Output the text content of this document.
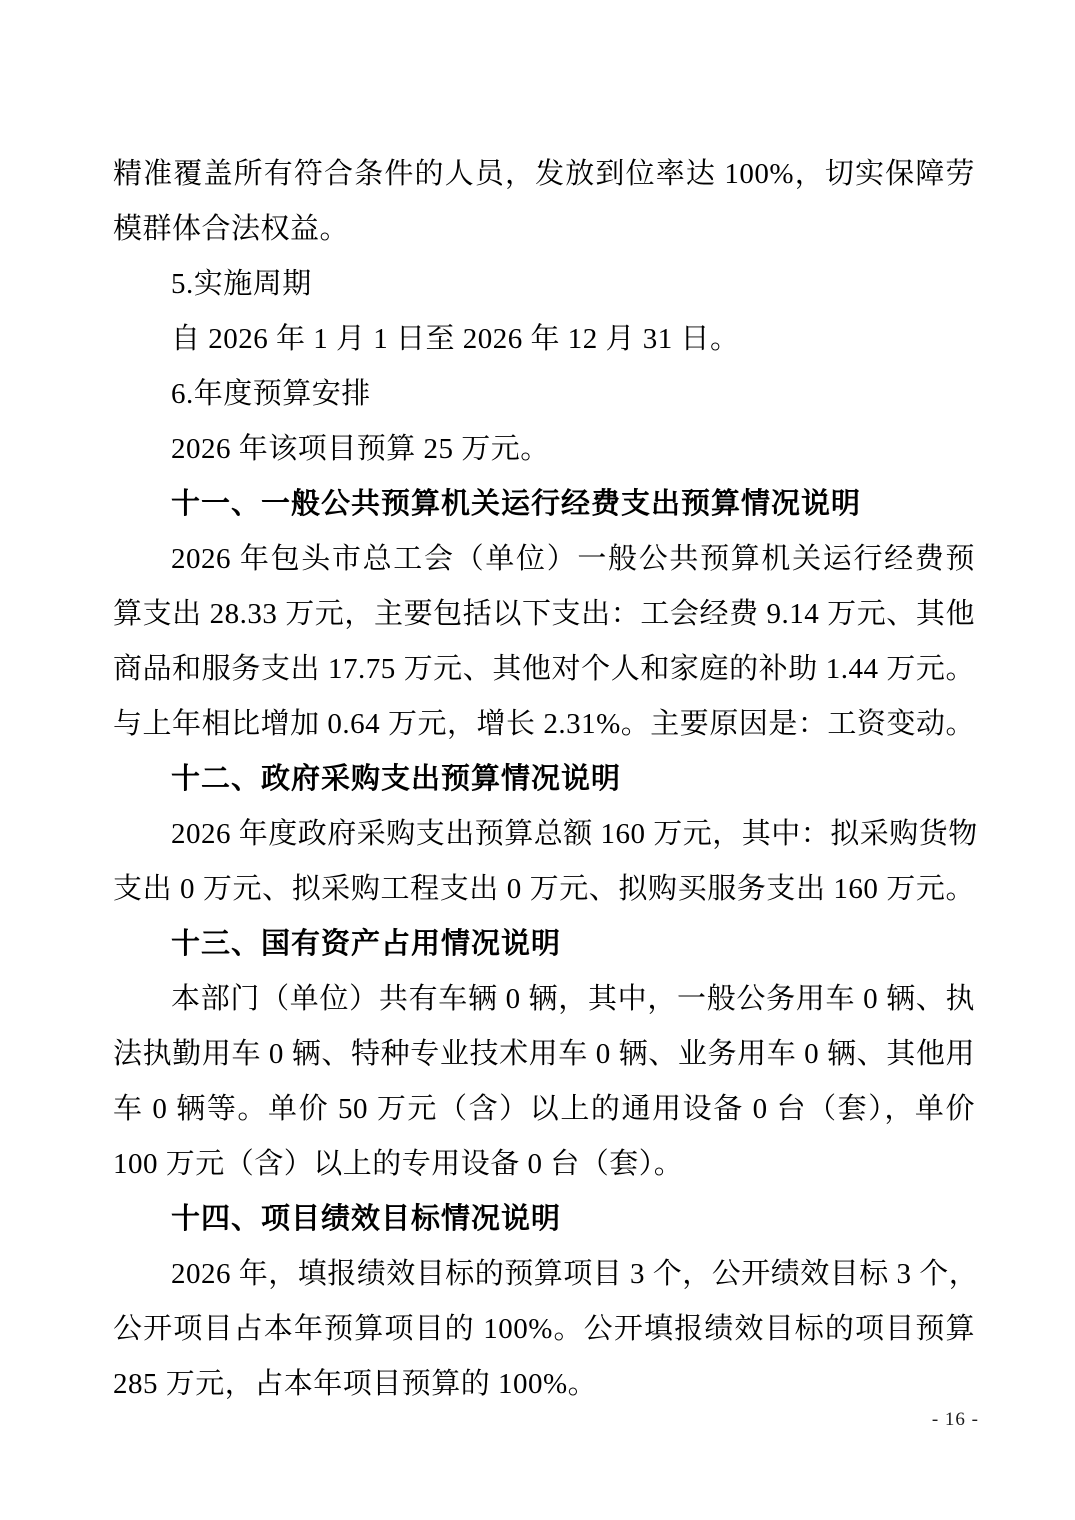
精准覆盖所有符合条件的人员，发放到位率达 100%，切实保障劳
模群体合法权益。
5.实施周期
自 2026 年 1 月 1 日至 2026 年 12 月 31 日。
6.年度预算安排
2026 年该项目预算 25 万元。
十一、一般公共预算机关运行经费支出预算情况说明
2026 年包头市总工会（单位）一般公共预算机关运行经费预
算支出 28.33 万元，主要包括以下支出：工会经费 9.14 万元、其他
商品和服务支出 17.75 万元、其他对个人和家庭的补助 1.44 万元。
与上年相比增加 0.64 万元，增长 2.31%。主要原因是：工资变动。
十二、政府采购支出预算情况说明
2026 年度政府采购支出预算总额 160 万元，其中：拟采购货物
支出 0 万元、拟采购工程支出 0 万元、拟购买服务支出 160 万元。
十三、国有资产占用情况说明
本部门（单位）共有车辆 0 辆，其中，一般公务用车 0 辆、执
法执勤用车 0 辆、特种专业技术用车 0 辆、业务用车 0 辆、其他用
车 0 辆等。单价 50 万元（含）以上的通用设备 0 台（套），单价
100 万元（含）以上的专用设备 0 台（套）。
十四、项目绩效目标情况说明
2026 年，填报绩效目标的预算项目 3 个，公开绩效目标 3 个，
公开项目占本年预算项目的 100%。公开填报绩效目标的项目预算
285 万元，占本年项目预算的 100%。
- 16 -
